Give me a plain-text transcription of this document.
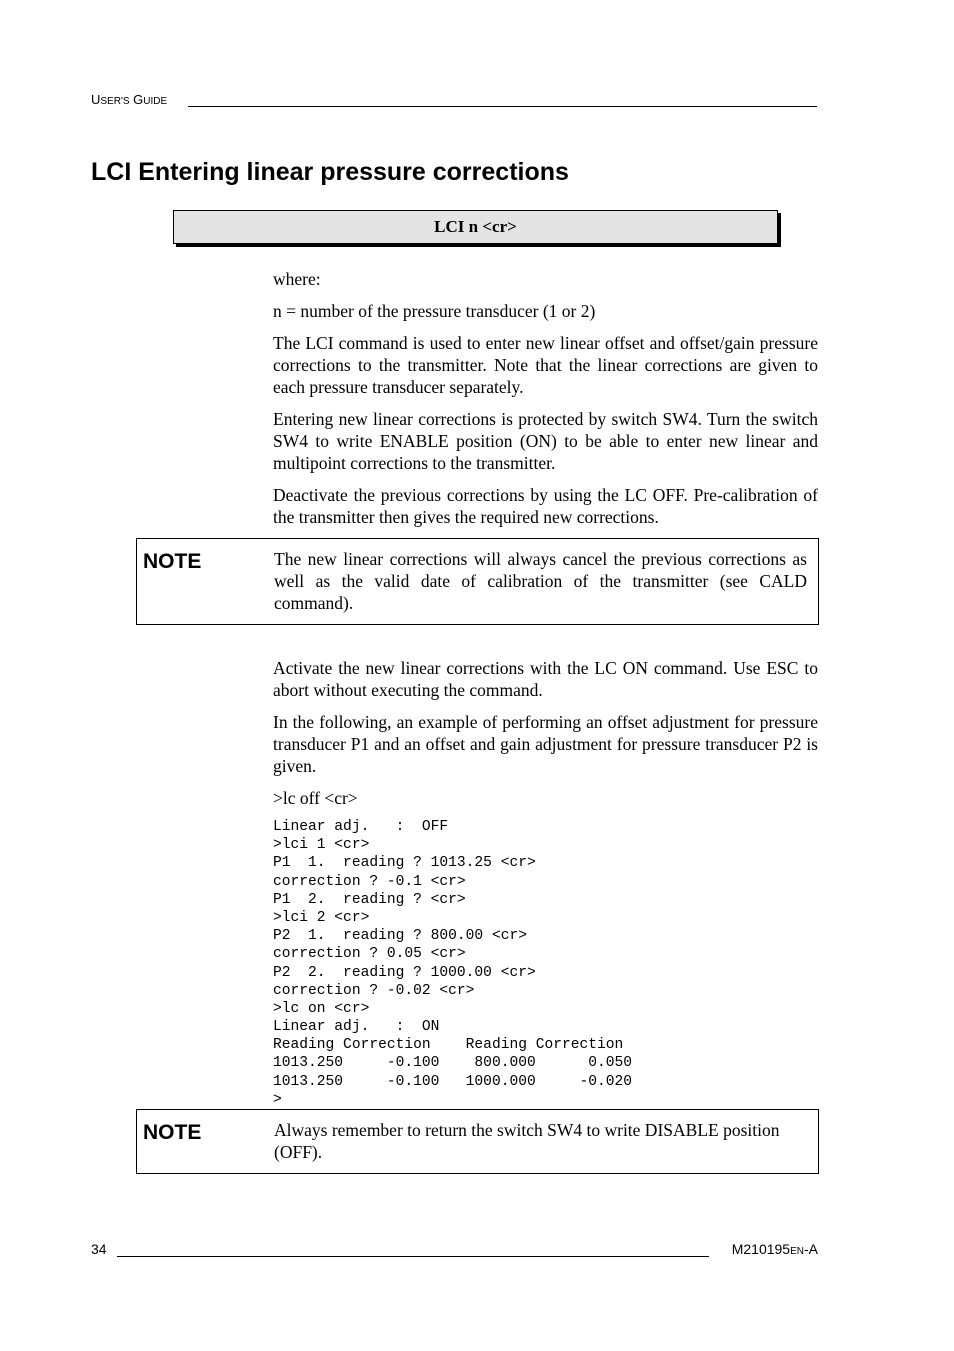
USER'S GUIDE
LCI Entering linear pressure corrections
LCI n <cr>

where:

n = number of the pressure transducer (1 or 2)

The LCI command is used to enter new linear offset and offset/gain pressure corrections to the transmitter. Note that the linear corrections are given to each pressure transducer separately.

Entering new linear corrections is protected by switch SW4. Turn the switch SW4 to write ENABLE position (ON) to be able to enter new linear and multipoint corrections to the transmitter.

Deactivate the previous corrections by using the LC OFF. Pre-calibration of the transmitter then gives the required new corrections.

NOTE	The new linear corrections will always cancel the previous corrections as well as the valid date of calibration of the transmitter (see CALD command).

Activate the new linear corrections with the LC ON command. Use ESC to abort without executing the command.

In the following, an example of performing an offset adjustment for pressure transducer P1 and an offset and gain adjustment for pressure transducer P2 is given.

>lc off <cr>

Linear adj.   :  OFF
>lci 1 <cr>
P1  1.  reading ? 1013.25 <cr>
correction ? -0.1 <cr>
P1  2.  reading ? <cr>
>lci 2 <cr>
P2  1.  reading ? 800.00 <cr>
correction ? 0.05 <cr>
P2  2.  reading ? 1000.00 <cr>
correction ? -0.02 <cr>
>lc on <cr>
Linear adj.   :  ON
Reading Correction    Reading Correction
1013.250     -0.100    800.000      0.050
1013.250     -0.100   1000.000     -0.020
>
NOTE	Always remember to return the switch SW4 to write DISABLE position (OFF).
34	M210195EN-A
